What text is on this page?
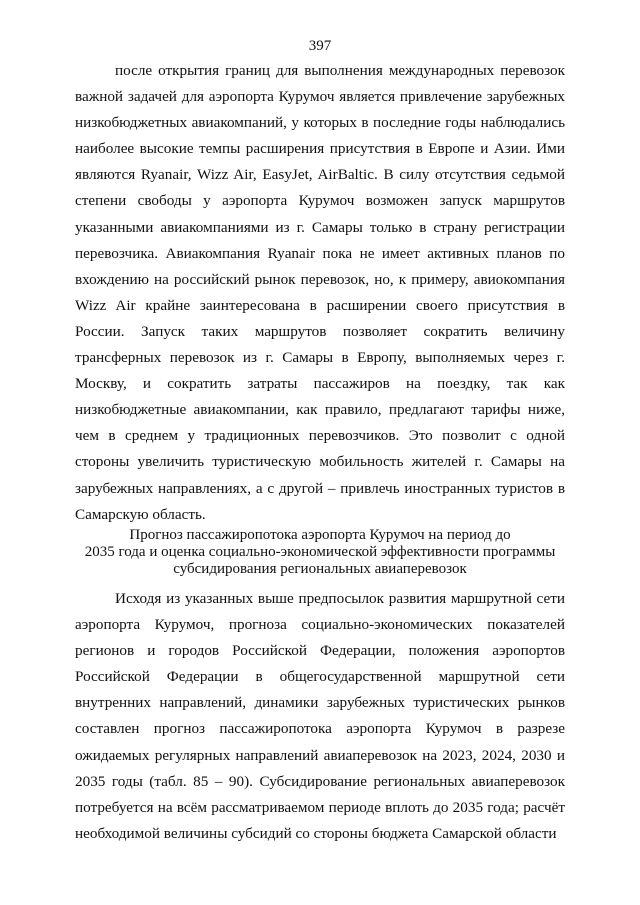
397

после открытия границ для выполнения международных перевозок важной задачей для аэропорта Курумоч является привлечение зарубежных низкобюджетных авиакомпаний, у которых в последние годы наблюдались наиболее высокие темпы расширения присутствия в Европе и Азии. Ими являются Ryanair, Wizz Air, EasyJet, AirBaltic. В силу отсутствия седьмой степени свободы у аэропорта Курумоч возможен запуск маршрутов указанными авиакомпаниями из г. Самары только в страну регистрации перевозчика. Авиакомпания Ryanair пока не имеет активных планов по вхождению на российский рынок перевозок, но, к примеру, авиокомпания Wizz Air крайне заинтересована в расширении своего присутствия в России. Запуск таких маршрутов позволяет сократить величину трансферных перевозок из г. Самары в Европу, выполняемых через г. Москву, и сократить затраты пассажиров на поездку, так как низкобюджетные авиакомпании, как правило, предлагают тарифы ниже, чем в среднем у традиционных перевозчиков. Это позволит с одной стороны увеличить туристическую мобильность жителей г. Самары на зарубежных направлениях, а с другой – привлечь иностранных туристов в Самарскую область.

Прогноз пассажиропотока аэропорта Курумоч на период до
2035 года и оценка социально-экономической эффективности программы
субсидирования региональных авиаперевозок

Исходя из указанных выше предпосылок развития маршрутной сети аэропорта Курумоч, прогноза социально-экономических показателей регионов и городов Российской Федерации, положения аэропортов Российской Федерации в общегосударственной маршрутной сети внутренних направлений, динамики зарубежных туристических рынков составлен прогноз пассажиропотока аэропорта Курумоч в разрезе ожидаемых регулярных направлений авиаперевозок на 2023, 2024, 2030 и 2035 годы (табл. 85 – 90). Субсидирование региональных авиаперевозок потребуется на всём рассматриваемом периоде вплоть до 2035 года; расчёт необходимой величины субсидий со стороны бюджета Самарской области
